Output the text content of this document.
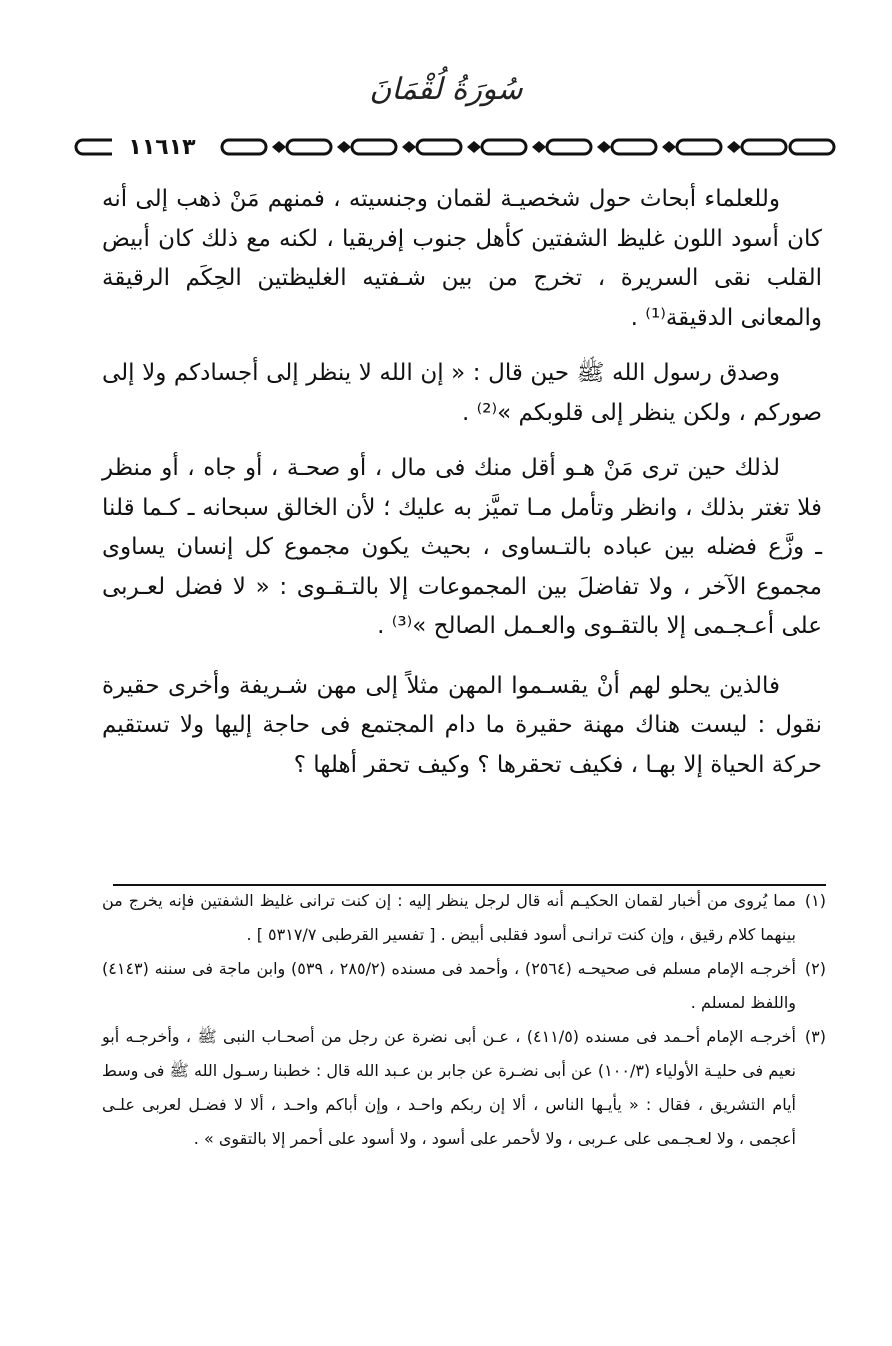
سُورَةُ لُقْمَانَ
١١٦١٣

وللعلماء أبحاث حول شخصيـة لقمان وجنسيته ، فمنهم مَنْ ذهب إلى أنه كان أسود اللون غليظ الشفتين كأهل جنوب إفريقيا ، لكنه مع ذلك كان أبيض القلب نقى السريرة ، تخرج من بين شـفتيه الغليظتين الحِكَم الرقيقة والمعانى الدقيقة⁽¹⁾ .

وصدق رسول الله ﷺ حين قال : « إن الله لا ينظر إلى أجسادكم ولا إلى صوركم ، ولكن ينظر إلى قلوبكم »⁽²⁾ .

لذلك حين ترى مَنْ هـو أقل منك فى مال ، أو صحـة ، أو جاه ، أو منظر فلا تغتر بذلك ، وانظر وتأمل مـا تميَّز به عليك ؛ لأن الخالق سبحانه ـ كـما قلنا ـ وزَّع فضله بين عباده بالتـساوى ، بحيث يكون مجموع كل إنسان يساوى مجموع الآخر ، ولا تفاضلَ بين المجموعات إلا بالتـقـوى : « لا فضل لعـربى على أعـجـمى إلا بالتقـوى والعـمل الصالح »⁽³⁾ .

فالذين يحلو لهم أنْ يقسـموا المهن مثلاً إلى مهن شـريفة وأخرى حقيرة نقول : ليست هناك مهنة حقيرة ما دام المجتمع فى حاجة إليها ولا تستقيم حركة الحياة إلا بهـا ، فكيف تحقرها ؟ وكيف تحقر أهلها ؟

(١)
مما يُروى من أخبار لقمان الحكيـم أنه قال لرجل ينظر إليه : إن كنت ترانى غليظ الشفتين فإنه يخرج من بينهما كلام رقيق ، وإن كنت ترانـى أسود فقلبى أبيض . [ تفسير القرطبى ٥٣١٧/٧ ] .
(٢)
أخرجـه الإمام مسلم فى صحيحـه (٢٥٦٤) ، وأحمد فى مسنده (٢٨٥/٢ ، ٥٣٩) وابن ماجة فى سننه (٤١٤٣) واللفظ لمسلم .
(٣)
أخرجـه الإمام أحـمد فى مسنده (٤١١/٥) ، عـن أبى نضرة عن رجل من أصحـاب النبى ﷺ ، وأخرجـه أبو نعيم فى حليـة الأولياء (١٠٠/٣) عن أبى نضـرة عن جابر بن عـبد الله قال : خطبنا رسـول الله ﷺ فى وسط أيام التشريق ، فقال : « يأيـها الناس ، ألا إن ربكم واحـد ، وإن أباكم واحـد ، ألا لا فضـل لعربى علـى أعجمى ، ولا لعـجـمى على عـربى ، ولا لأحمر على أسود ، ولا أسود على أحمر إلا بالتقوى » .
